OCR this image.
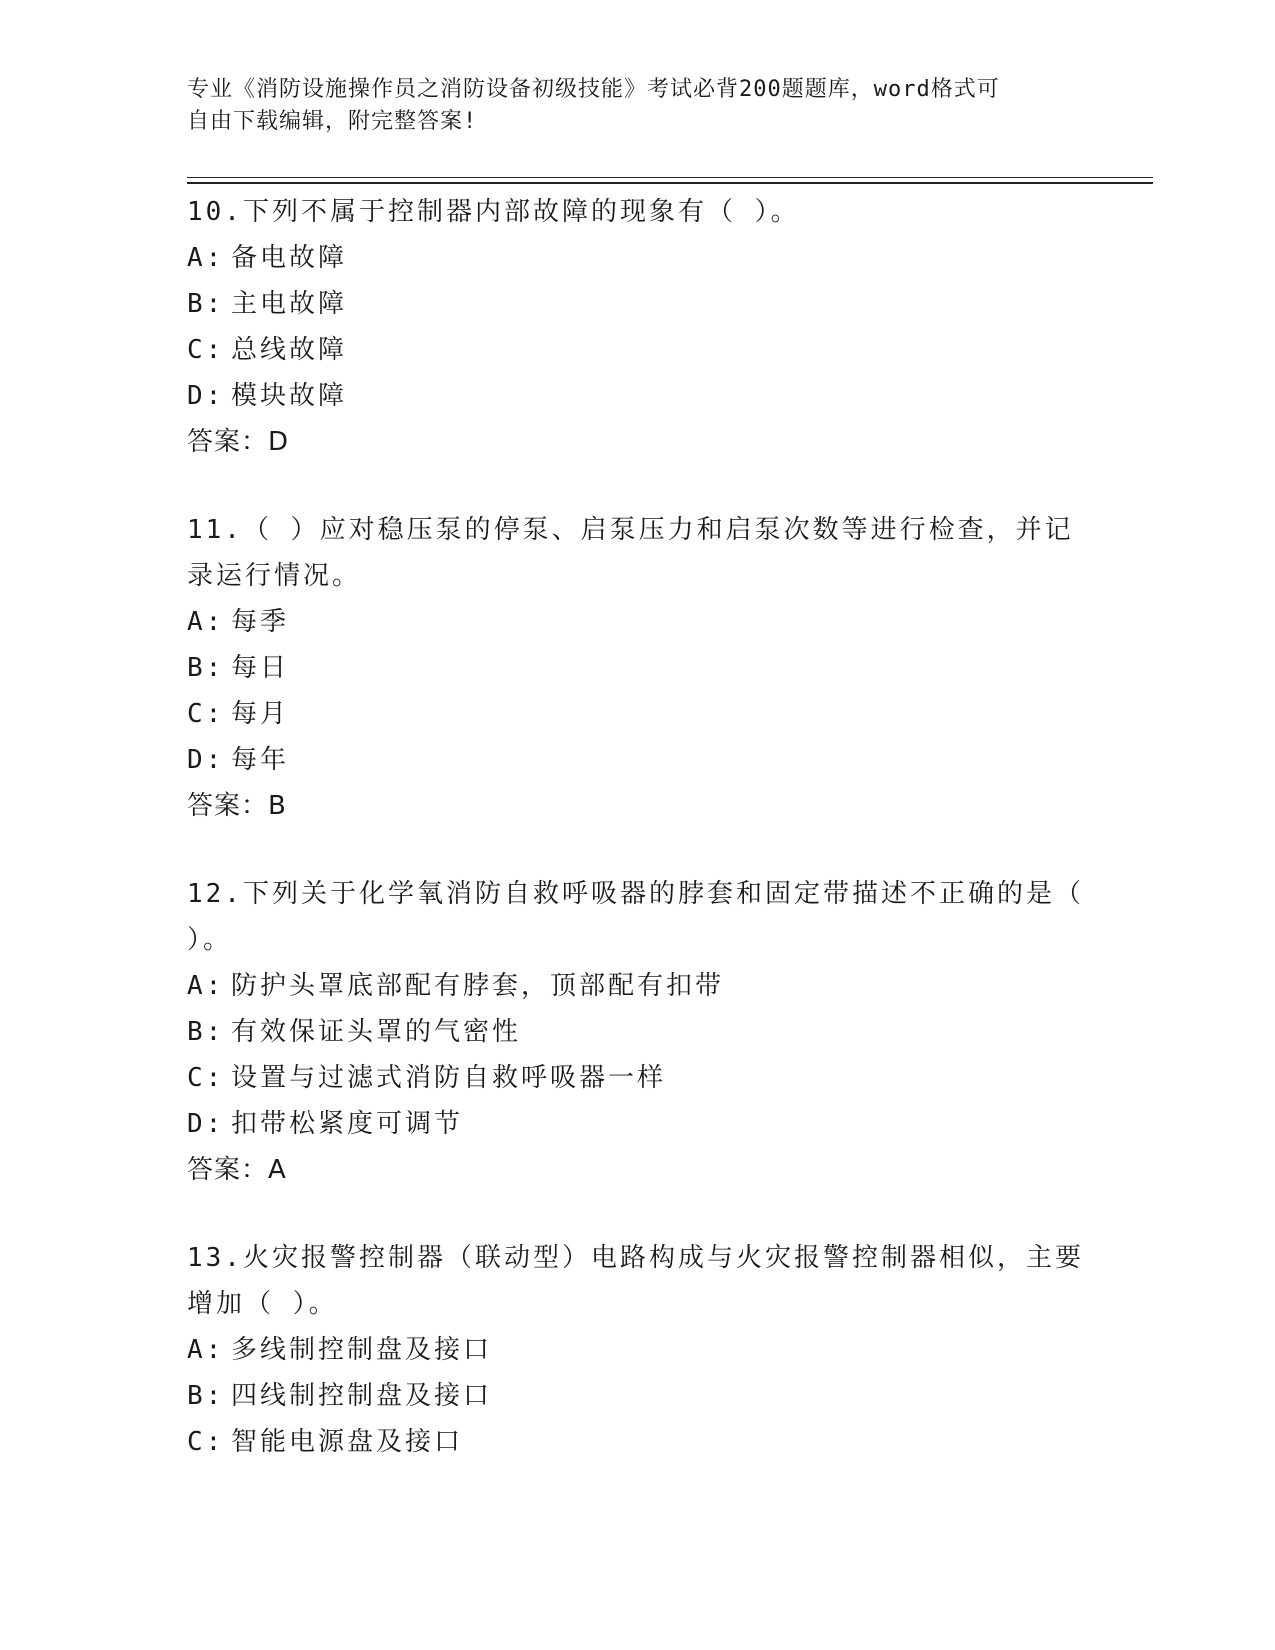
专业《消防设施操作员之消防设备初级技能》考试必背200题题库，word格式可
自由下载编辑，附完整答案!
10.下列不属于控制器内部故障的现象有（ ）。
A: 备电故障
B: 主电故障
C: 总线故障
D: 模块故障
答案：D
11.（ ）应对稳压泵的停泵、启泵压力和启泵次数等进行检查，并记
录运行情况。
A: 每季
B: 每日
C: 每月
D: 每年
答案：B
12.下列关于化学氧消防自救呼吸器的脖套和固定带描述不正确的是（
）。
A: 防护头罩底部配有脖套，顶部配有扣带
B: 有效保证头罩的气密性
C: 设置与过滤式消防自救呼吸器一样
D: 扣带松紧度可调节
答案：A
13.火灾报警控制器（联动型）电路构成与火灾报警控制器相似，主要
增加（ ）。
A: 多线制控制盘及接口
B: 四线制控制盘及接口
C: 智能电源盘及接口
